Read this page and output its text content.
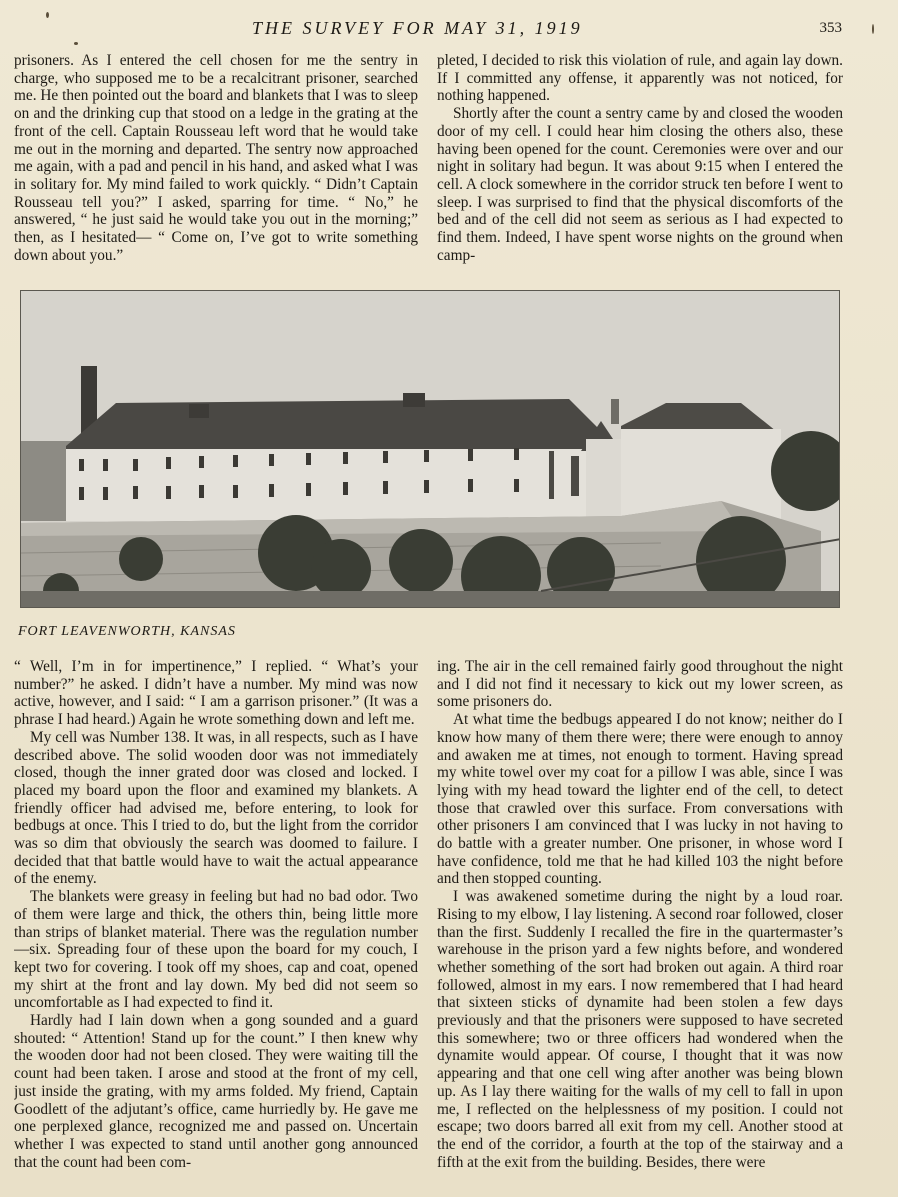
THE SURVEY FOR MAY 31, 1919	353

prisoners. As I entered the cell chosen for me the sentry in charge, who supposed me to be a recalcitrant prisoner, searched me. He then pointed out the board and blankets that I was to sleep on and the drinking cup that stood on a ledge in the grating at the front of the cell. Captain Rousseau left word that he would take me out in the morning and departed. The sentry now approached me again, with a pad and pencil in his hand, and asked what I was in solitary for. My mind failed to work quickly. “ Didn’t Captain Rousseau tell you?” I asked, sparring for time. “ No,” he answered, “ he just said he would take you out in the morning;” then, as I hesitated— “ Come on, I’ve got to write something down about you.”

pleted, I decided to risk this violation of rule, and again lay down. If I committed any offense, it apparently was not noticed, for nothing happened.

Shortly after the count a sentry came by and closed the wooden door of my cell. I could hear him closing the others also, these having been opened for the count. Ceremonies were over and our night in solitary had begun. It was about 9:15 when I entered the cell. A clock somewhere in the corridor struck ten before I went to sleep. I was surprised to find that the physical discomforts of the bed and of the cell did not seem as serious as I had expected to find them. Indeed, I have spent worse nights on the ground when camp-

FORT LEAVENWORTH, KANSAS

“ Well, I’m in for impertinence,” I replied. “ What’s your number?” he asked. I didn’t have a number. My mind was now active, however, and I said: “ I am a garrison prisoner.” (It was a phrase I had heard.) Again he wrote something down and left me.

My cell was Number 138. It was, in all respects, such as I have described above. The solid wooden door was not immediately closed, though the inner grated door was closed and locked. I placed my board upon the floor and examined my blankets. A friendly officer had advised me, before entering, to look for bedbugs at once. This I tried to do, but the light from the corridor was so dim that obviously the search was doomed to failure. I decided that that battle would have to wait the actual appearance of the enemy.

The blankets were greasy in feeling but had no bad odor. Two of them were large and thick, the others thin, being little more than strips of blanket material. There was the regulation number—six. Spreading four of these upon the board for my couch, I kept two for covering. I took off my shoes, cap and coat, opened my shirt at the front and lay down. My bed did not seem so uncomfortable as I had expected to find it.

Hardly had I lain down when a gong sounded and a guard shouted: “ Attention! Stand up for the count.” I then knew why the wooden door had not been closed. They were waiting till the count had been taken. I arose and stood at the front of my cell, just inside the grating, with my arms folded. My friend, Captain Goodlett of the adjutant’s office, came hurriedly by. He gave me one perplexed glance, recognized me and passed on. Uncertain whether I was expected to stand until another gong announced that the count had been com-

ing. The air in the cell remained fairly good throughout the night and I did not find it necessary to kick out my lower screen, as some prisoners do.

At what time the bedbugs appeared I do not know; neither do I know how many of them there were; there were enough to annoy and awaken me at times, not enough to torment. Having spread my white towel over my coat for a pillow I was able, since I was lying with my head toward the lighter end of the cell, to detect those that crawled over this surface. From conversations with other prisoners I am convinced that I was lucky in not having to do battle with a greater number. One prisoner, in whose word I have confidence, told me that he had killed 103 the night before and then stopped counting.

I was awakened sometime during the night by a loud roar. Rising to my elbow, I lay listening. A second roar followed, closer than the first. Suddenly I recalled the fire in the quartermaster’s warehouse in the prison yard a few nights before, and wondered whether something of the sort had broken out again. A third roar followed, almost in my ears. I now remembered that I had heard that sixteen sticks of dynamite had been stolen a few days previously and that the prisoners were supposed to have secreted this somewhere; two or three officers had wondered when the dynamite would appear. Of course, I thought that it was now appearing and that one cell wing after another was being blown up. As I lay there waiting for the walls of my cell to fall in upon me, I reflected on the helplessness of my position. I could not escape; two doors barred all exit from my cell. Another stood at the end of the corridor, a fourth at the top of the stairway and a fifth at the exit from the building. Besides, there were
